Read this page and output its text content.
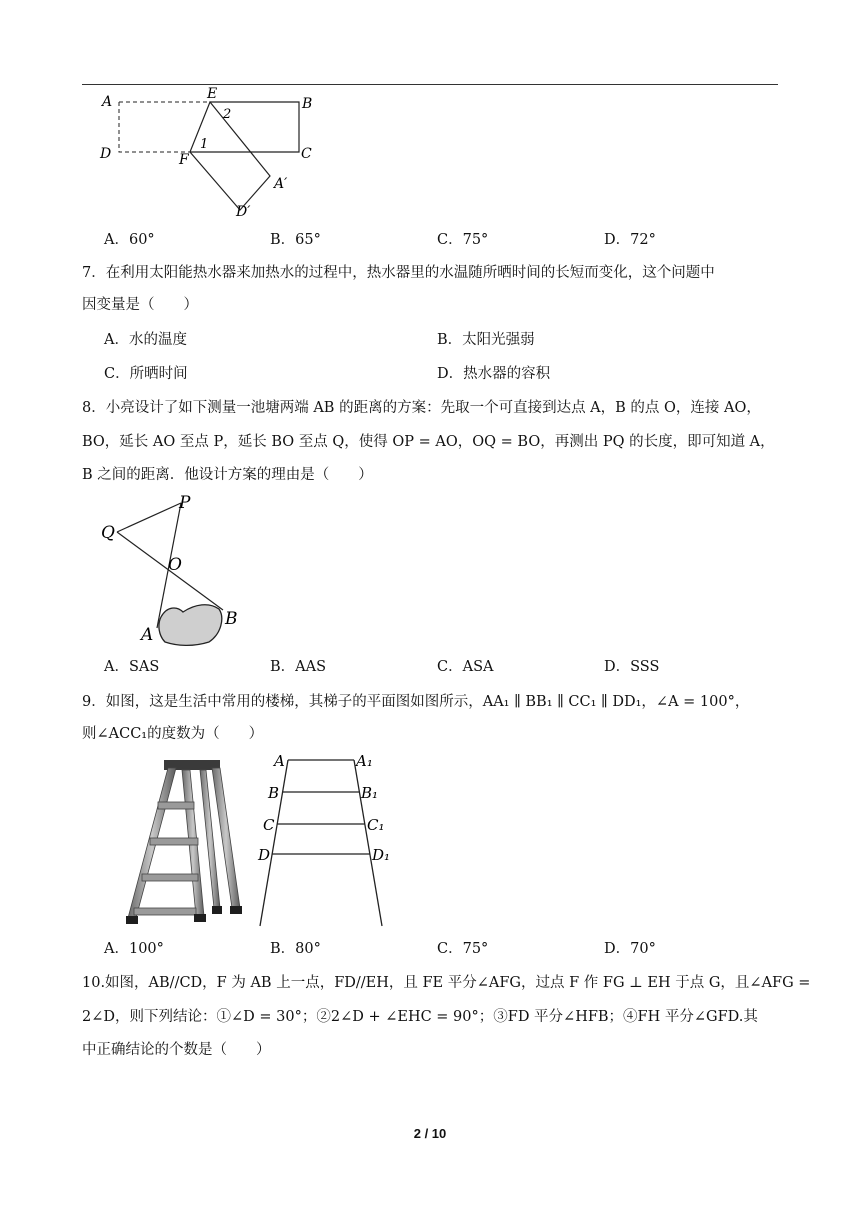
A	E
B
D	F	C
A′
D′
1
2
A．60°	B．65°	C．75°	D．72°
7．在利用太阳能热水器来加热水的过程中，热水器里的水温随所晒时间的长短而变化，这个问题中
因变量是（　　）
A．水的温度	B．太阳光强弱
C．所晒时间	D．热水器的容积
8．小亮设计了如下测量一池塘两端 AB 的距离的方案：先取一个可直接到达点 A，B 的点 O，连接 AO，
BO，延长 AO 至点 P，延长 BO 至点 Q，使得 OP = AO，OQ = BO，再测出 PQ 的长度，即可知道 A，
B 之间的距离．他设计方案的理由是（　　）
Q
P
O
A
B
A．SAS	B．AAS	C．ASA	D．SSS
9．如图，这是生活中常用的楼梯，其梯子的平面图如图所示，AA₁ ∥ BB₁ ∥ CC₁ ∥ DD₁，∠A = 100°，
则∠ACC₁的度数为（　　）
A	A₁
B	B₁
C	C₁
D	D₁
A．100°	B．80°	C．75°	D．70°
10.如图，AB//CD，F 为 AB 上一点，FD//EH，且 FE 平分∠AFG，过点 F 作 FG ⊥ EH 于点 G，且∠AFG =
2∠D，则下列结论：①∠D = 30°；②2∠D + ∠EHC = 90°；③FD 平分∠HFB；④FH 平分∠GFD.其
中正确结论的个数是（　　）
2 / 10
